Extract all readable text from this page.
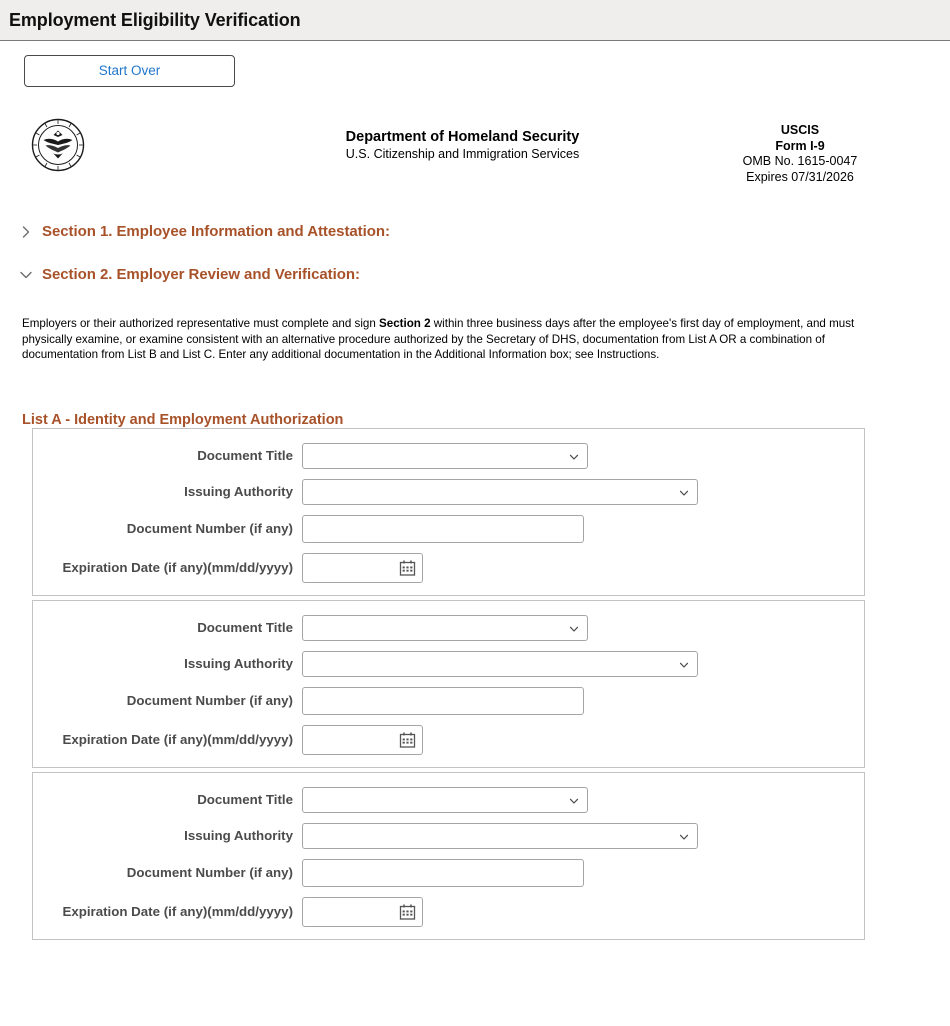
Employment Eligibility Verification
Start Over
Department of Homeland Security
U.S. Citizenship and Immigration Services
USCIS
Form I-9
OMB No. 1615-0047
Expires 07/31/2026
Section 1. Employee Information and Attestation:
Section 2. Employer Review and Verification:

Employers or their authorized representative must complete and sign Section 2 within three business days after the employee's first day of employment, and must physically examine, or examine consistent with an alternative procedure authorized by the Secretary of DHS, documentation from List A OR a combination of documentation from List B and List C. Enter any additional documentation in the Additional Information box; see Instructions.

List A - Identity and Employment Authorization
Document Title
Issuing Authority
Document Number (if any)
Expiration Date (if any)(mm/dd/yyyy)
Document Title
Issuing Authority
Document Number (if any)
Expiration Date (if any)(mm/dd/yyyy)
Document Title
Issuing Authority
Document Number (if any)
Expiration Date (if any)(mm/dd/yyyy)
